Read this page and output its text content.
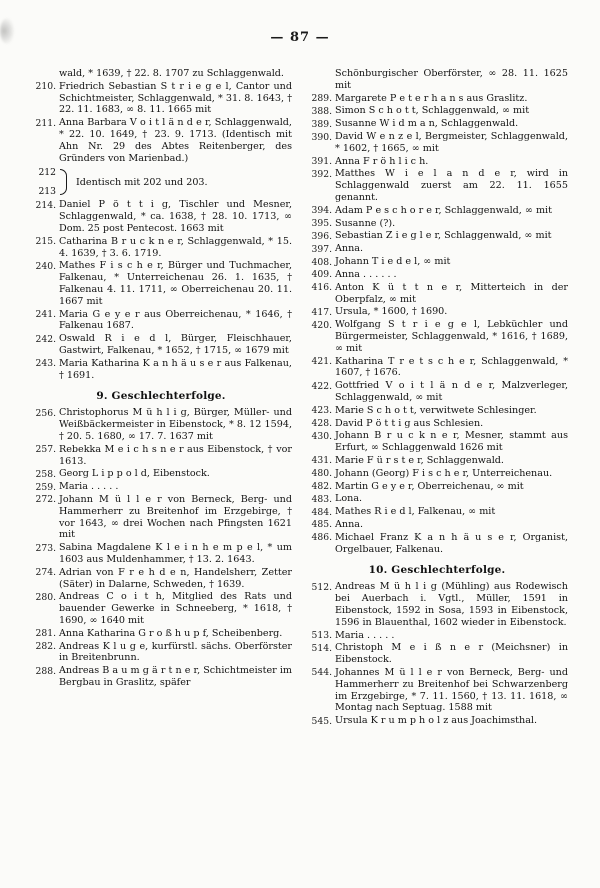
— 87 —
wald, * 1639, † 22. 8. 1707 zu Schlaggenwald.
210. Friedrich Sebastian S t r i e g e l, Cantor und Schichtmeister, Schlaggenwald, * 31. 8. 1643, † 22. 11. 1683, ∞ 8. 11. 1665 mit
211. Anna Barbara V o i t l ä n d e r, Schlaggenwald, * 22. 10. 1649, † 23. 9. 1713. (Identisch mit Ahn Nr. 29 des Abtes Reitenberger, des Gründers von Marienbad.)
212
213
Identisch mit 202 und 203.
214. Daniel P ö t t i g, Tischler und Mesner, Schlaggenwald, * ca. 1638, † 28. 10. 1713, ∞ Dom. 25 post Pentecost. 1663 mit
215. Catharina B r u c k n e r, Schlaggenwald, * 15. 4. 1639, † 3. 6. 1719.
240. Mathes F i s c h e r, Bürger und Tuchmacher, Falkenau, * Unterreichenau 26. 1. 1635, † Falkenau 4. 11. 1711, ∞ Oberreichenau 20. 11. 1667 mit
241. Maria G e y e r aus Oberreichenau, * 1646, † Falkenau 1687.
242. Oswald R i e d l, Bürger, Fleischhauer, Gastwirt, Falkenau, * 1652, † 1715, ∞ 1679 mit
243. Maria Katharina K a n h ä u s e r aus Falkenau, † 1691.
9. Geschlechterfolge.
256. Christophorus M ü h l i g, Bürger, Müller- und Weißbäckermeister in Eibenstock, * 8. 12 1594, † 20. 5. 1680, ∞ 17. 7. 1637 mit
257. Rebekka M e i c h s n e r aus Eibenstock, † vor 1613.
258. Georg L i p p o l d, Eibenstock.
259. Maria . . . . .
272. Johann M ü l l e r von Berneck, Berg- und Hammerherr zu Breitenhof im Erzgebirge, † vor 1643, ∞ drei Wochen nach Pfingsten 1621 mit
273. Sabina Magdalene K l e i n h e m p e l, * um 1603 aus Muldenhammer, † 13. 2. 1643.
274. Adrian von F r e h d e n, Handelsherr, Zetter (Säter) in Dalarne, Schweden, † 1639.
280. Andreas C o i t h, Mitglied des Rats und bauender Gewerke in Schneeberg, * 1618, † 1690, ∞ 1640 mit
281. Anna Katharina G r o ß h u p f, Scheibenberg.
282. Andreas K l u g e, kurfürstl. sächs. Oberförster in Breitenbrunn.
288. Andreas B a u m g ä r t n e r, Schichtmeister im Bergbau in Graslitz, späfer
Schönburgischer Oberförster, ∞ 28. 11. 1625 mit
289. Margarete P e t e r h a n s aus Graslitz.
388. Simon S c h o t t, Schlaggenwald, ∞ mit
389. Susanne W i d m a n, Schlaggenwald.
390. David W e n z e l, Bergmeister, Schlaggenwald, * 1602, † 1665, ∞ mit
391. Anna F r ö h l i c h.
392. Matthes W i e l a n d e r, wird in Schlaggenwald zuerst am 22. 11. 1655 genannt.
394. Adam P e s c h o r e r, Schlaggenwald, ∞ mit
395. Susanne (?).
396. Sebastian Z i e g l e r, Schlaggenwald, ∞ mit
397. Anna.
408. Johann T i e d e l, ∞ mit
409. Anna . . . . . .
416. Anton K ü t t n e r, Mitterteich in der Oberpfalz, ∞ mit
417. Ursula, * 1600, † 1690.
420. Wolfgang S t r i e g e l, Lebküchler und Bürgermeister, Schlaggenwald, * 1616, † 1689, ∞ mit
421. Katharina T r e t s c h e r, Schlaggenwald, * 1607, † 1676.
422. Gottfried V o i t l ä n d e r, Malzverleger, Schlaggenwald, ∞ mit
423. Marie S c h o t t, verwitwete Schlesinger.
428. David P ö t t i g aus Schlesien.
430. Johann B r u c k n e r, Mesner, stammt aus Erfurt, ∞ Schlaggenwald 1626 mit
431. Marie F ü r s t e r, Schlaggenwald.
480. Johann (Georg) F i s c h e r, Unterreichenau.
482. Martin G e y e r, Oberreichenau, ∞ mit
483. Lona.
484. Mathes R i e d l, Falkenau, ∞ mit
485. Anna.
486. Michael Franz K a n h ä u s e r, Organist, Orgelbauer, Falkenau.
10. Geschlechterfolge.
512. Andreas M ü h l i g (Mühling) aus Rodewisch bei Auerbach i. Vgtl., Müller, 1591 in Eibenstock, 1592 in Sosa, 1593 in Eibenstock, 1596 in Blauenthal, 1602 wieder in Eibenstock.
513. Maria . . . . .
514. Christoph M e i ß n e r (Meichsner) in Eibenstock.
544. Johannes M ü l l e r von Berneck, Berg- und Hammerherr zu Breitenhof bei Schwarzenberg im Erzgebirge, * 7. 11. 1560, † 13. 11. 1618, ∞ Montag nach Septuag. 1588 mit
545. Ursula K r u m p h o l z aus Joachimsthal.
